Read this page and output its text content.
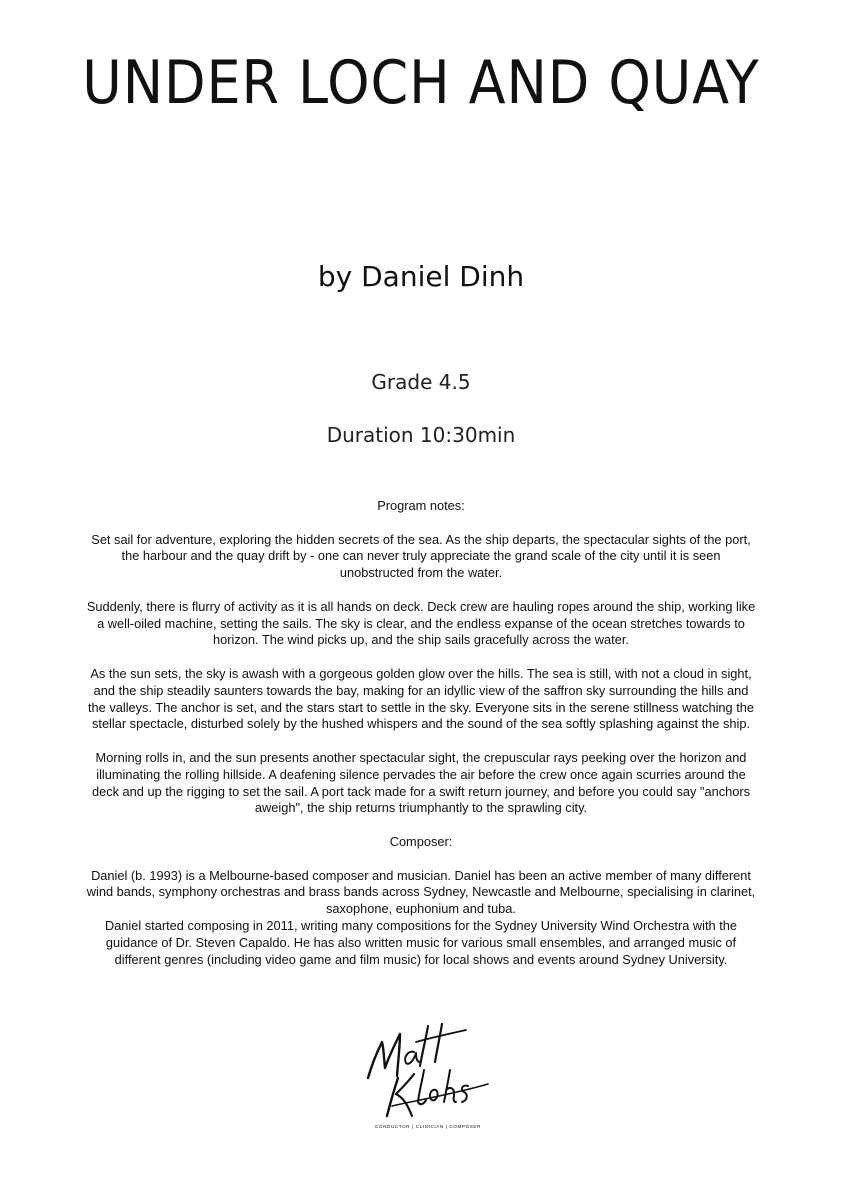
UNDER LOCH AND QUAY
by Daniel Dinh
Grade 4.5
Duration 10:30min

Program notes:

Set sail for adventure, exploring the hidden secrets of the sea. As the ship departs, the spectacular sights of the port, the harbour and the quay drift by - one can never truly appreciate the grand scale of the city until it is seen unobstructed from the water.

Suddenly, there is flurry of activity as it is all hands on deck. Deck crew are hauling ropes around the ship, working like a well-oiled machine, setting the sails. The sky is clear, and the endless expanse of the ocean stretches towards to horizon. The wind picks up, and the ship sails gracefully across the water.

As the sun sets, the sky is awash with a gorgeous golden glow over the hills. The sea is still, with not a cloud in sight, and the ship steadily saunters towards the bay, making for an idyllic view of the saffron sky surrounding the hills and the valleys. The anchor is set, and the stars start to settle in the sky. Everyone sits in the serene stillness watching the stellar spectacle, disturbed solely by the hushed whispers and the sound of the sea softly splashing against the ship.

Morning rolls in, and the sun presents another spectacular sight, the crepuscular rays peeking over the horizon and illuminating the rolling hillside. A deafening silence pervades the air before the crew once again scurries around the deck and up the rigging to set the sail. A port tack made for a swift return journey, and before you could say "anchors aweigh", the ship returns triumphantly to the sprawling city.

Composer:

Daniel (b. 1993) is a Melbourne-based composer and musician. Daniel has been an active member of many different wind bands, symphony orchestras and brass bands across Sydney, Newcastle and Melbourne, specialising in clarinet, saxophone, euphonium and tuba.

Daniel started composing in 2011, writing many compositions for the Sydney University Wind Orchestra with the guidance of Dr. Steven Capaldo. He has also written music for various small ensembles, and arranged music of different genres (including video game and film music) for local shows and events around Sydney University.

CONDUCTOR | CLINICIAN | COMPOSER
